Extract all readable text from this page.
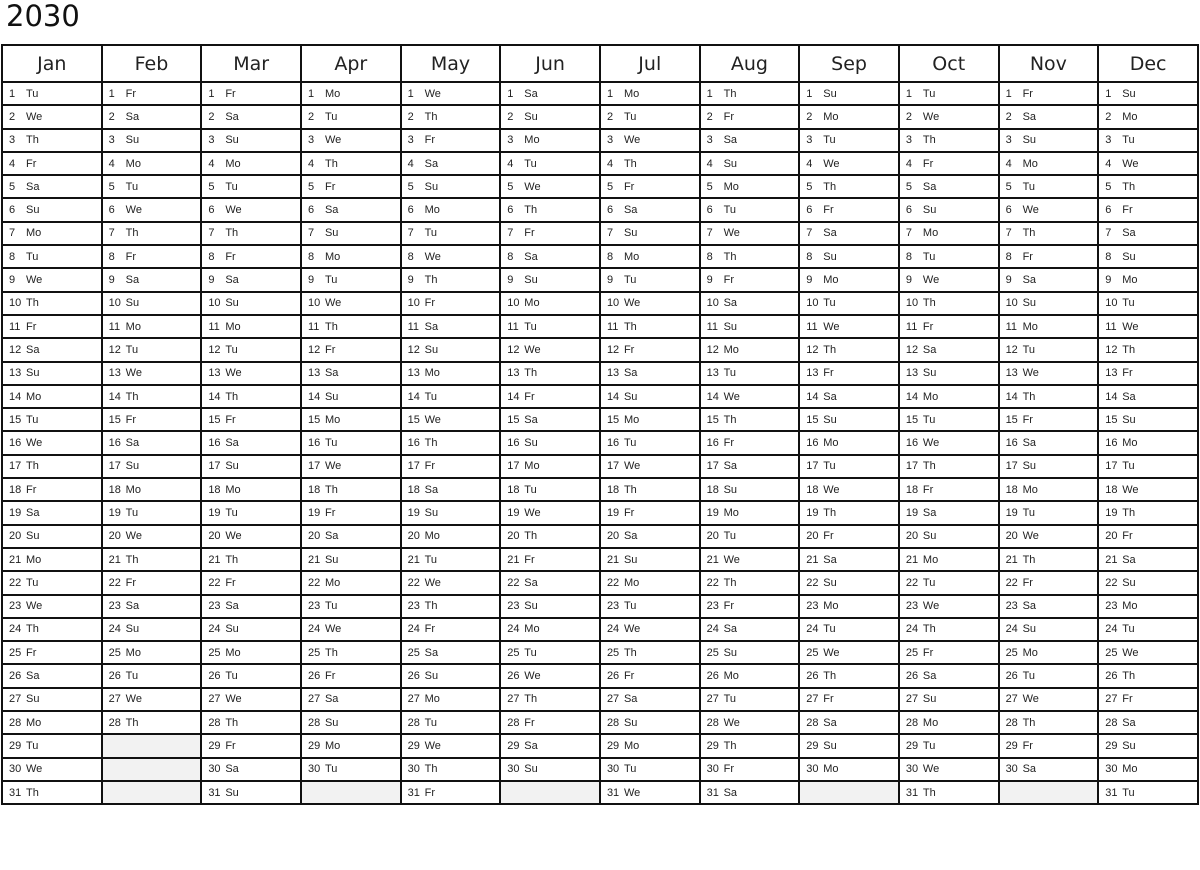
2030
Jan	Feb	Mar	Apr	May	Jun	Jul	Aug	Sep	Oct	Nov	Dec
1 Tu	1 Fr	1 Fr	1 Mo	1 We	1 Sa	1 Mo	1 Th	1 Su	1 Tu	1 Fr	1 Su
2 We	2 Sa	2 Sa	2 Tu	2 Th	2 Su	2 Tu	2 Fr	2 Mo	2 We	2 Sa	2 Mo
3 Th	3 Su	3 Su	3 We	3 Fr	3 Mo	3 We	3 Sa	3 Tu	3 Th	3 Su	3 Tu
4 Fr	4 Mo	4 Mo	4 Th	4 Sa	4 Tu	4 Th	4 Su	4 We	4 Fr	4 Mo	4 We
5 Sa	5 Tu	5 Tu	5 Fr	5 Su	5 We	5 Fr	5 Mo	5 Th	5 Sa	5 Tu	5 Th
6 Su	6 We	6 We	6 Sa	6 Mo	6 Th	6 Sa	6 Tu	6 Fr	6 Su	6 We	6 Fr
7 Mo	7 Th	7 Th	7 Su	7 Tu	7 Fr	7 Su	7 We	7 Sa	7 Mo	7 Th	7 Sa
8 Tu	8 Fr	8 Fr	8 Mo	8 We	8 Sa	8 Mo	8 Th	8 Su	8 Tu	8 Fr	8 Su
9 We	9 Sa	9 Sa	9 Tu	9 Th	9 Su	9 Tu	9 Fr	9 Mo	9 We	9 Sa	9 Mo
10 Th	10 Su	10 Su	10 We	10 Fr	10 Mo	10 We	10 Sa	10 Tu	10 Th	10 Su	10 Tu
11 Fr	11 Mo	11 Mo	11 Th	11 Sa	11 Tu	11 Th	11 Su	11 We	11 Fr	11 Mo	11 We
12 Sa	12 Tu	12 Tu	12 Fr	12 Su	12 We	12 Fr	12 Mo	12 Th	12 Sa	12 Tu	12 Th
13 Su	13 We	13 We	13 Sa	13 Mo	13 Th	13 Sa	13 Tu	13 Fr	13 Su	13 We	13 Fr
14 Mo	14 Th	14 Th	14 Su	14 Tu	14 Fr	14 Su	14 We	14 Sa	14 Mo	14 Th	14 Sa
15 Tu	15 Fr	15 Fr	15 Mo	15 We	15 Sa	15 Mo	15 Th	15 Su	15 Tu	15 Fr	15 Su
16 We	16 Sa	16 Sa	16 Tu	16 Th	16 Su	16 Tu	16 Fr	16 Mo	16 We	16 Sa	16 Mo
17 Th	17 Su	17 Su	17 We	17 Fr	17 Mo	17 We	17 Sa	17 Tu	17 Th	17 Su	17 Tu
18 Fr	18 Mo	18 Mo	18 Th	18 Sa	18 Tu	18 Th	18 Su	18 We	18 Fr	18 Mo	18 We
19 Sa	19 Tu	19 Tu	19 Fr	19 Su	19 We	19 Fr	19 Mo	19 Th	19 Sa	19 Tu	19 Th
20 Su	20 We	20 We	20 Sa	20 Mo	20 Th	20 Sa	20 Tu	20 Fr	20 Su	20 We	20 Fr
21 Mo	21 Th	21 Th	21 Su	21 Tu	21 Fr	21 Su	21 We	21 Sa	21 Mo	21 Th	21 Sa
22 Tu	22 Fr	22 Fr	22 Mo	22 We	22 Sa	22 Mo	22 Th	22 Su	22 Tu	22 Fr	22 Su
23 We	23 Sa	23 Sa	23 Tu	23 Th	23 Su	23 Tu	23 Fr	23 Mo	23 We	23 Sa	23 Mo
24 Th	24 Su	24 Su	24 We	24 Fr	24 Mo	24 We	24 Sa	24 Tu	24 Th	24 Su	24 Tu
25 Fr	25 Mo	25 Mo	25 Th	25 Sa	25 Tu	25 Th	25 Su	25 We	25 Fr	25 Mo	25 We
26 Sa	26 Tu	26 Tu	26 Fr	26 Su	26 We	26 Fr	26 Mo	26 Th	26 Sa	26 Tu	26 Th
27 Su	27 We	27 We	27 Sa	27 Mo	27 Th	27 Sa	27 Tu	27 Fr	27 Su	27 We	27 Fr
28 Mo	28 Th	28 Th	28 Su	28 Tu	28 Fr	28 Su	28 We	28 Sa	28 Mo	28 Th	28 Sa
29 Tu		29 Fr	29 Mo	29 We	29 Sa	29 Mo	29 Th	29 Su	29 Tu	29 Fr	29 Su
30 We		30 Sa	30 Tu	30 Th	30 Su	30 Tu	30 Fr	30 Mo	30 We	30 Sa	30 Mo
31 Th		31 Su		31 Fr		31 We	31 Sa		31 Th		31 Tu
